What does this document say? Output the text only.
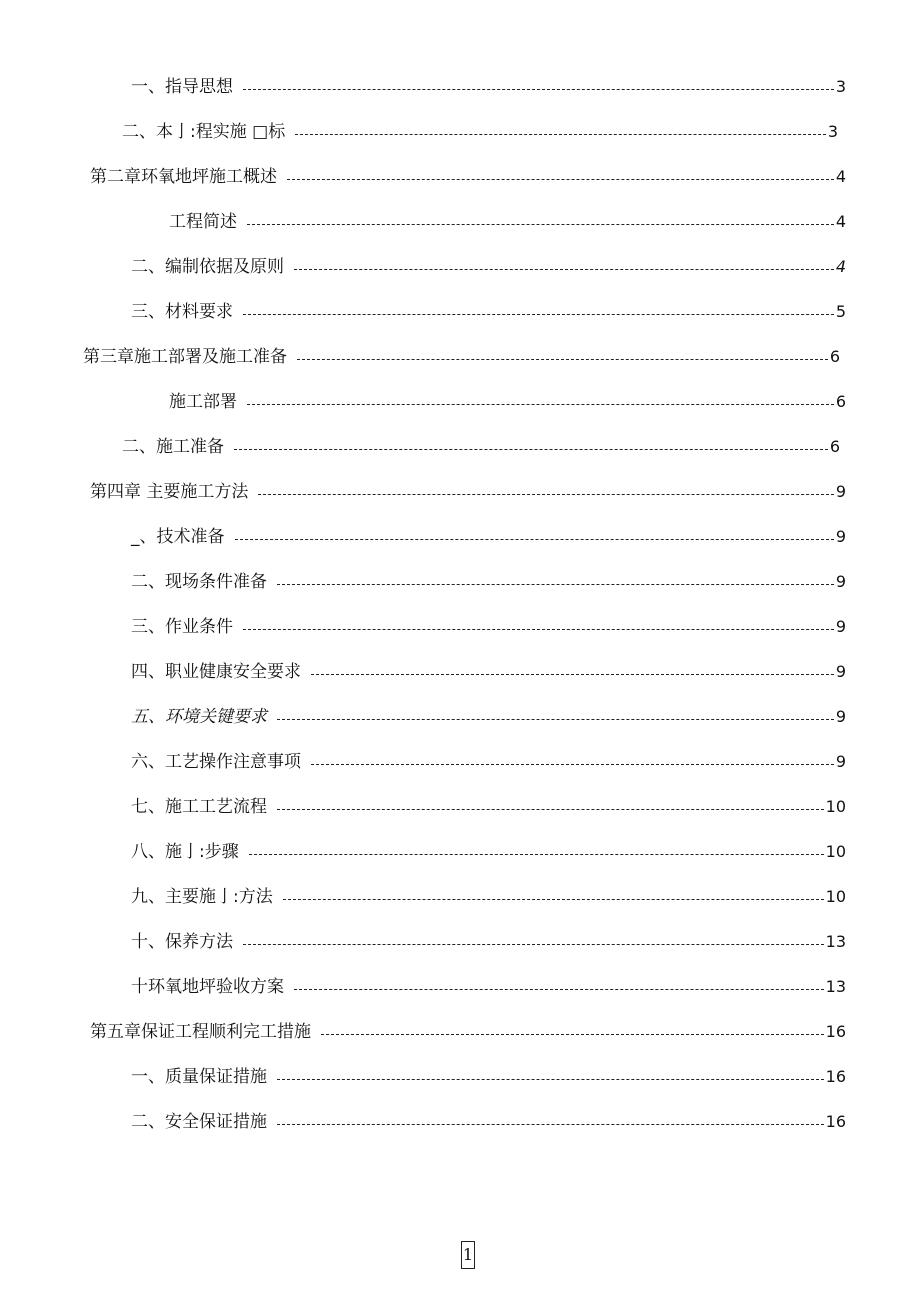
一、指导思想	3
二、本亅:程实施 □标	3
第二章环氧地坪施工概述	4
工程简述	4
二、编制依据及原则	4
三、材料要求	5
第三章施工部署及施工准备	6
施工部署	6
二、施工准备	6
第四章 主要施工方法	9
_、技术准备	9
二、现场条件准备	9
三、作业条件	9
四、职业健康安全要求	9
五、环境关键要求	9
六、工艺操作注意事项	9
七、施工工艺流程	10
八、施亅:步骤	10
九、主要施亅:方法	10
十、保养方法	13
十环氧地坪验收方案	13
第五章保证工程顺利完工措施	16
一、质量保证措施	16
二、安全保证措施	16
1
